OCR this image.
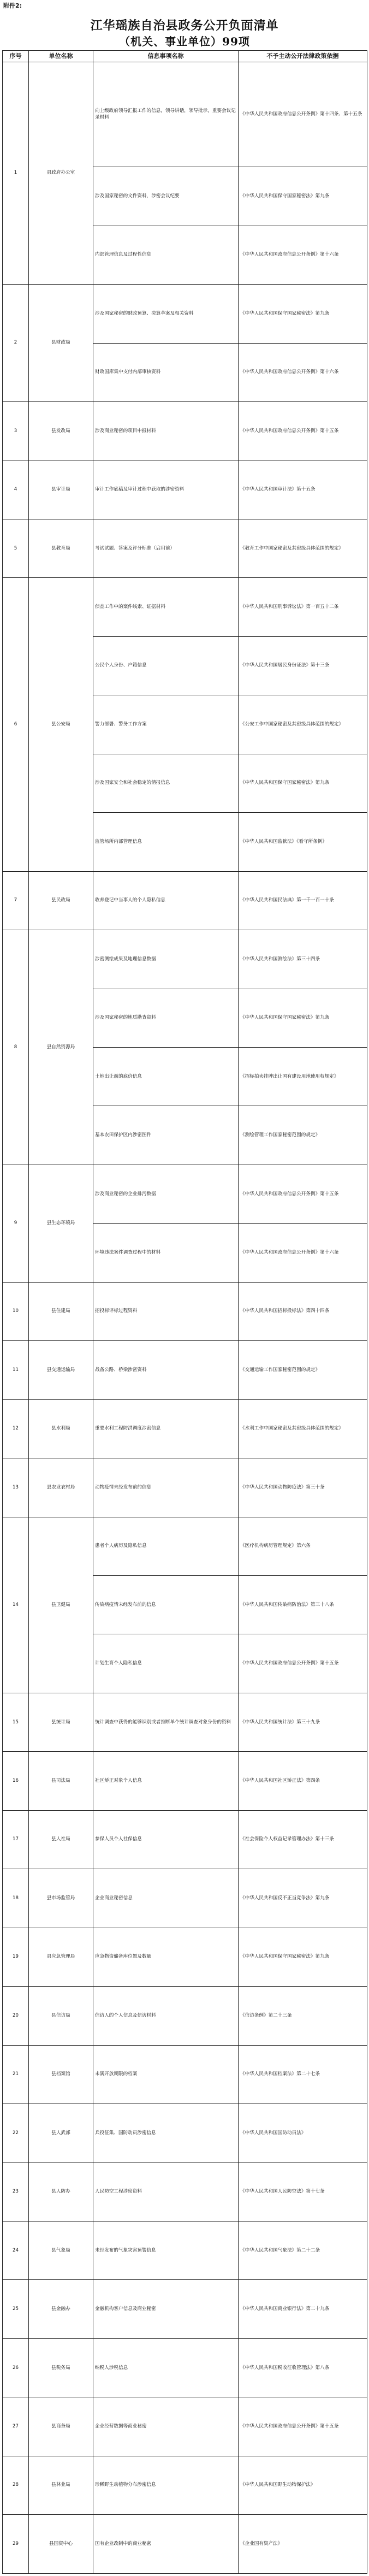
附件2:
江华瑶族自治县政务公开负面清单
（机关、事业单位）99项
序号	单位名称	信息事项名称	不予主动公开法律政策依据
1	县政府办公室	向上级政府领导汇报工作的信息，领导讲话，领导批示，重要会议记录材料	《中华人民共和国政府信息公开条例》第十四条、第十五条
		涉及国家秘密的文件资料，涉密会议纪要	《中华人民共和国保守国家秘密法》第九条
		内部管理信息及过程性信息	《中华人民共和国政府信息公开条例》第十六条
2	县财政局	涉及国家秘密的财政预算、决算草案及相关资料	《中华人民共和国保守国家秘密法》第九条
		财政国库集中支付内部审核资料	《中华人民共和国政府信息公开条例》第十六条
3	县发改局	涉及商业秘密的项目申报材料	《中华人民共和国政府信息公开条例》第十五条
4	县审计局	审计工作底稿及审计过程中获取的涉密资料	《中华人民共和国审计法》第十五条
5	县教育局	考试试题、答案及评分标准（启用前）	《教育工作中国家秘密及其密级具体范围的规定》
6	县公安局	侦查工作中的案件线索、证据材料	《中华人民共和国刑事诉讼法》第一百五十二条
		公民个人身份、户籍信息	《中华人民共和国居民身份证法》第十三条
		警力部署、警务工作方案	《公安工作中国家秘密及其密级具体范围的规定》
		涉及国家安全和社会稳定的情报信息	《中华人民共和国保守国家秘密法》第九条
		监管场所内部管理信息	《中华人民共和国监狱法》《看守所条例》
7	县民政局	收养登记中当事人的个人隐私信息	《中华人民共和国民法典》第一千一百一十条
8	县自然资源局	涉密测绘成果及地理信息数据	《中华人民共和国测绘法》第三十四条
		涉及国家秘密的地质勘查资料	《中华人民共和国保守国家秘密法》第九条
		土地出让前的底价信息	《招标拍卖挂牌出让国有建设用地使用权规定》
		基本农田保护区内涉密图件	《测绘管理工作国家秘密范围的规定》
9	县生态环境局	涉及商业秘密的企业排污数据	《中华人民共和国政府信息公开条例》第十五条
		环境违法案件调查过程中的材料	《中华人民共和国政府信息公开条例》第十六条
10	县住建局	招投标评标过程资料	《中华人民共和国招标投标法》第四十四条
11	县交通运输局	战备公路、桥梁涉密资料	《交通运输工作国家秘密范围的规定》
12	县水利局	重要水利工程防洪调度涉密信息	《水利工作中国家秘密及其密级具体范围的规定》
13	县农业农村局	动物疫情未经发布前的信息	《中华人民共和国动物防疫法》第三十条
14	县卫健局	患者个人病历及隐私信息	《医疗机构病历管理规定》第六条
		传染病疫情未经发布前的信息	《中华人民共和国传染病防治法》第三十八条
		计划生育个人隐私信息	《中华人民共和国政府信息公开条例》第十五条
15	县统计局	统计调查中获得的能够识别或者推断单个统计调查对象身份的资料	《中华人民共和国统计法》第三十九条
16	县司法局	社区矫正对象个人信息	《中华人民共和国社区矫正法》第四条
17	县人社局	参保人员个人社保信息	《社会保险个人权益记录管理办法》第十三条
18	县市场监管局	企业商业秘密信息	《中华人民共和国反不正当竞争法》第九条
19	县应急管理局	应急物资储备库位置及数量	《中华人民共和国保守国家秘密法》第九条
20	县信访局	信访人的个人信息及信访材料	《信访条例》第二十三条
21	县档案馆	未满开放期限的档案	《中华人民共和国档案法》第二十七条
22	县人武部	兵役征集、国防动员涉密信息	《中华人民共和国国防动员法》
23	县人防办	人民防空工程涉密资料	《中华人民共和国人民防空法》第十七条
24	县气象局	未经发布的气象灾害预警信息	《中华人民共和国气象法》第二十二条
25	县金融办	金融机构客户信息及商业秘密	《中华人民共和国商业银行法》第二十九条
26	县税务局	纳税人涉税信息	《中华人民共和国税收征收管理法》第八条
27	县商务局	企业经营数据等商业秘密	《中华人民共和国政府信息公开条例》第十五条
28	县林业局	珍稀野生动植物分布涉密信息	《中华人民共和国野生动物保护法》
29	县国资中心	国有企业改制中的商业秘密	《企业国有资产法》
